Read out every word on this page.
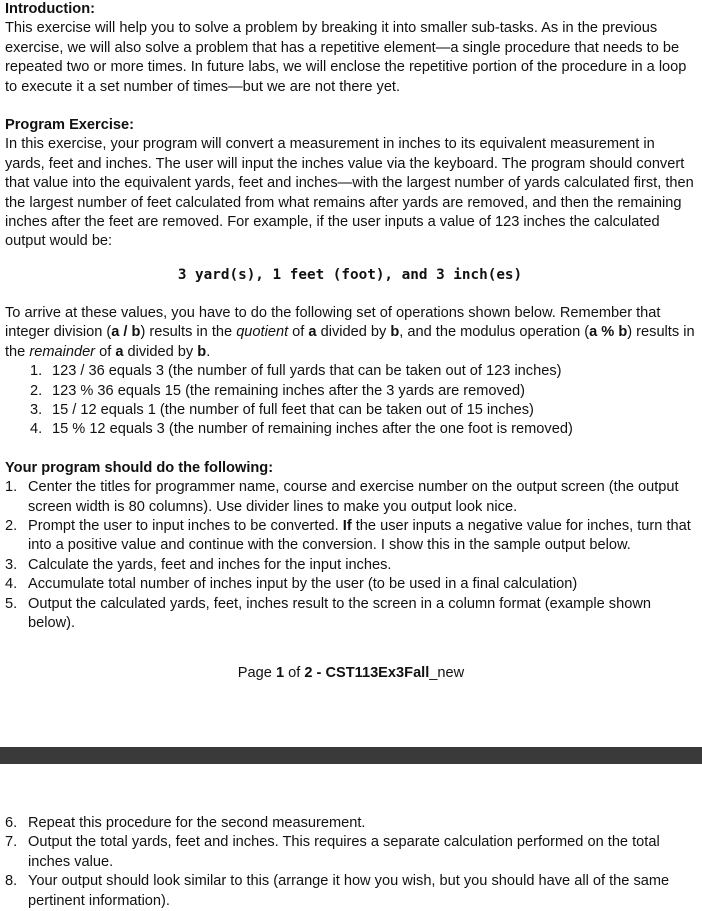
Introduction:

This exercise will help you to solve a problem by breaking it into smaller sub-tasks. As in the previous exercise, we will also solve a problem that has a repetitive element—a single procedure that needs to be repeated two or more times. In future labs, we will enclose the repetitive portion of the procedure in a loop to execute it a set number of times—but we are not there yet.

Program Exercise:

In this exercise, your program will convert a measurement in inches to its equivalent measurement in yards, feet and inches. The user will input the inches value via the keyboard. The program should convert that value into the equivalent yards, feet and inches—with the largest number of yards calculated first, then the largest number of feet calculated from what remains after yards are removed, and then the remaining inches after the feet are removed. For example, if the user inputs a value of 123 inches the calculated output would be:

3 yard(s), 1 feet (foot), and 3 inch(es)

To arrive at these values, you have to do the following set of operations shown below. Remember that integer division (a / b) results in the quotient of a divided by b, and the modulus operation (a % b) results in the remainder of a divided by b.

1. 123 / 36 equals 3 (the number of full yards that can be taken out of 123 inches)
2. 123 % 36 equals 15 (the remaining inches after the 3 yards are removed)
3. 15 / 12 equals 1 (the number of full feet that can be taken out of 15 inches)
4. 15 % 12 equals 3 (the number of remaining inches after the one foot is removed)
Your program should do the following:
1. Center the titles for programmer name, course and exercise number on the output screen (the output screen width is 80 columns). Use divider lines to make you output look nice.
2. Prompt the user to input inches to be converted. If the user inputs a negative value for inches, turn that into a positive value and continue with the conversion. I show this in the sample output below.
3. Calculate the yards, feet and inches for the input inches.
4. Accumulate total number of inches input by the user (to be used in a final calculation)
5. Output the calculated yards, feet, inches result to the screen in a column format (example shown below).
Page 1 of 2 - CST113Ex3Fall_new
6. Repeat this procedure for the second measurement.
7. Output the total yards, feet and inches. This requires a separate calculation performed on the total inches value.
8. Your output should look similar to this (arrange it how you wish, but you should have all of the same pertinent information).
